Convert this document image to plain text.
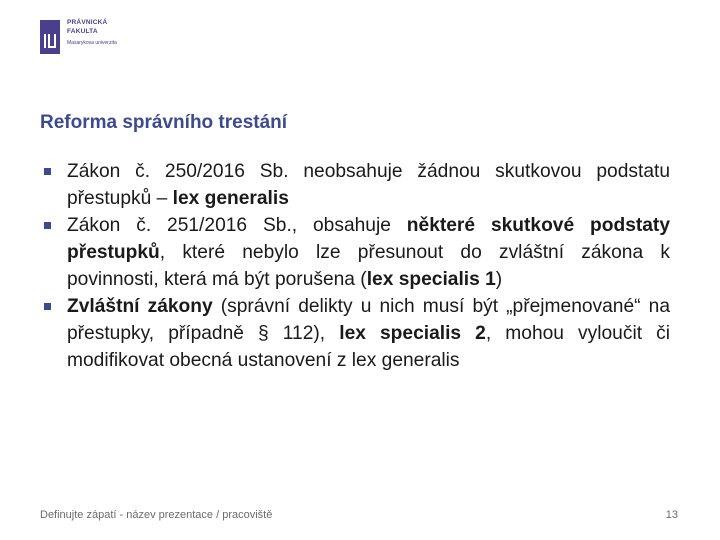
PRÁVNICKÁ
FAKULTA
Masarykova univerzita
Reforma správního trestání
Zákon č. 250/2016 Sb. neobsahuje žádnou skutkovou podstatu přestupků – lex generalis
Zákon č. 251/2016 Sb., obsahuje některé skutkové podstaty přestupků, které nebylo lze přesunout do zvláštní zákona k povinnosti, která má být porušena (lex specialis 1)
Zvláštní zákony (správní delikty u nich musí být „přejmenované“ na přestupky, případně § 112), lex specialis 2, mohou vyloučit či modifikovat obecná ustanovení z lex generalis
Definujte zápatí - název prezentace / pracoviště	13
